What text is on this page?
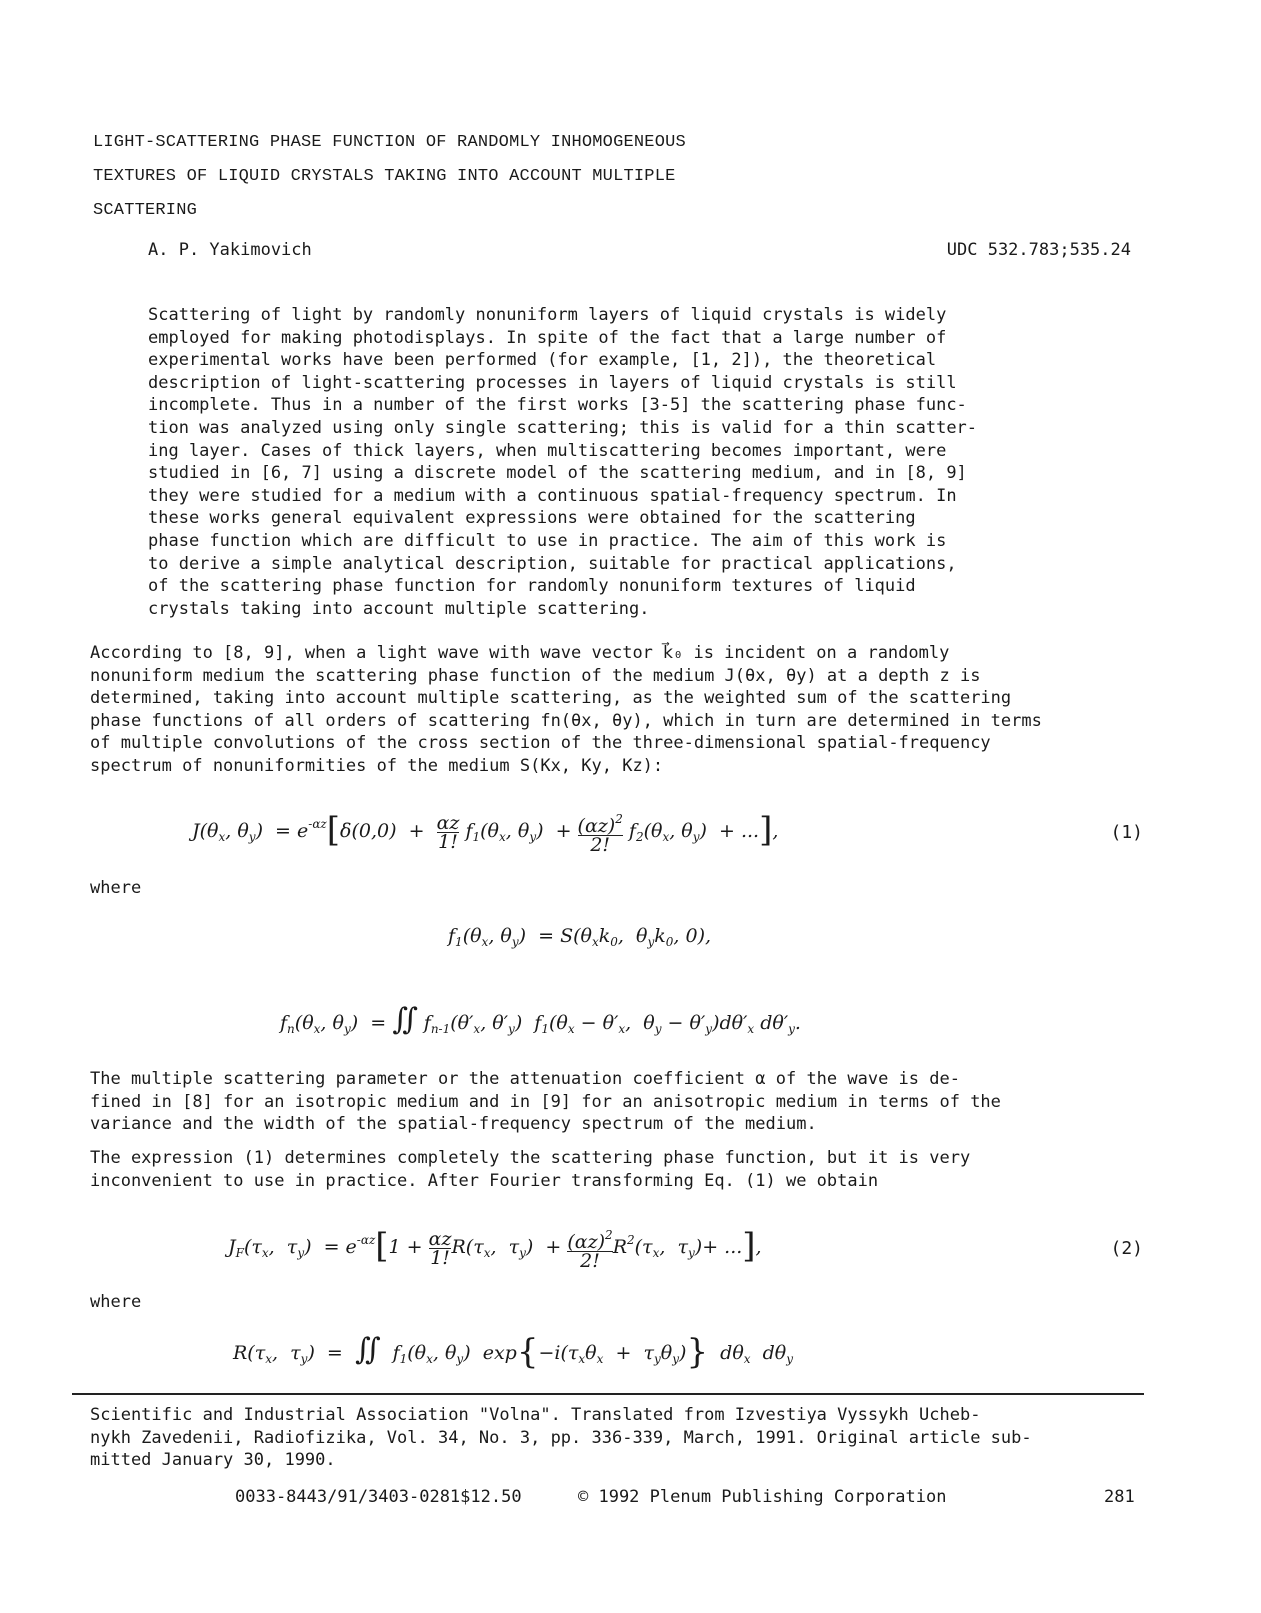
LIGHT-SCATTERING PHASE FUNCTION OF RANDOMLY INHOMOGENEOUS
TEXTURES OF LIQUID CRYSTALS TAKING INTO ACCOUNT MULTIPLE
SCATTERING
A. P. Yakimovich	UDC 532.783;535.24
Scattering of light by randomly nonuniform layers of liquid crystals is widely
employed for making photodisplays. In spite of the fact that a large number of
experimental works have been performed (for example, [1, 2]), the theoretical
description of light-scattering processes in layers of liquid crystals is still
incomplete. Thus in a number of the first works [3-5] the scattering phase func-
tion was analyzed using only single scattering; this is valid for a thin scatter-
ing layer. Cases of thick layers, when multiscattering becomes important, were
studied in [6, 7] using a discrete model of the scattering medium, and in [8, 9]
they were studied for a medium with a continuous spatial-frequency spectrum. In
these works general equivalent expressions were obtained for the scattering
phase function which are difficult to use in practice. The aim of this work is
to derive a simple analytical description, suitable for practical applications,
of the scattering phase function for randomly nonuniform textures of liquid
crystals taking into account multiple scattering.
According to [8, 9], when a light wave with wave vector k⃗₀ is incident on a randomly
nonuniform medium the scattering phase function of the medium J(θx, θy) at a depth z is
determined, taking into account multiple scattering, as the weighted sum of the scattering
phase functions of all orders of scattering fn(θx, θy), which in turn are determined in terms
of multiple convolutions of the cross section of the three-dimensional spatial-frequency
spectrum of nonuniformities of the medium S(Kx, Ky, Kz):
$J(\theta_x$, $\theta_y) = e^{-\alpha z}[\delta(0,0) + \frac{\alpha z}{1!} f_1(\theta_x$, $\theta_y) + \frac{(\alpha z)^2}{2!} f_2(\theta_x$, $\theta_y$)  + ...],	(1)
where
$f_1(\theta_x$, $\theta_y) = S(\theta_xk_0$,  $\theta_yk_0$, 0),
$f_n(\theta_x$, $\theta_y$)  = ∬ $f_{n-1}(\theta'_x$, $\theta'_y$)  $f_1(\theta_x - \theta'_x$,  $\theta_y - \theta'_y)d\theta'_x$ $d\theta'_y$.
The multiple scattering parameter or the attenuation coefficient α of the wave is de-
fined in [8] for an isotropic medium and in [9] for an anisotropic medium in terms of the
variance and the width of the spatial-frequency spectrum of the medium.
The expression (1) determines completely the scattering phase function, but it is very
inconvenient to use in practice. After Fourier transforming Eq. (1) we obtain
$J_F(\tau_x$,  $\tau_y) = e^{-\alpha z}[1 + \frac{\alpha z}{1!} R(\tau_x$,  $\tau_y) + \frac{(\alpha z)^2}{2!} R^2(\tau_x$,  $\tau_y)+$ ...],	(2)
where
$R(\tau_x$,  $\tau_y$)  =  ∬  $f_1(\theta_x$, $\theta_y$)  $\exp\{-i(\tau_x\theta_x + \tau_y\theta_y)\}$  $d\theta_x$  $d\theta_y$
Scientific and Industrial Association "Volna". Translated from Izvestiya Vyssykh Ucheb-
nykh Zavedenii, Radiofizika, Vol. 34, No. 3, pp. 336-339, March, 1991. Original article sub-
mitted January 30, 1990.
0033-8443/91/3403-0281$12.50	© 1992 Plenum Publishing Corporation	281
